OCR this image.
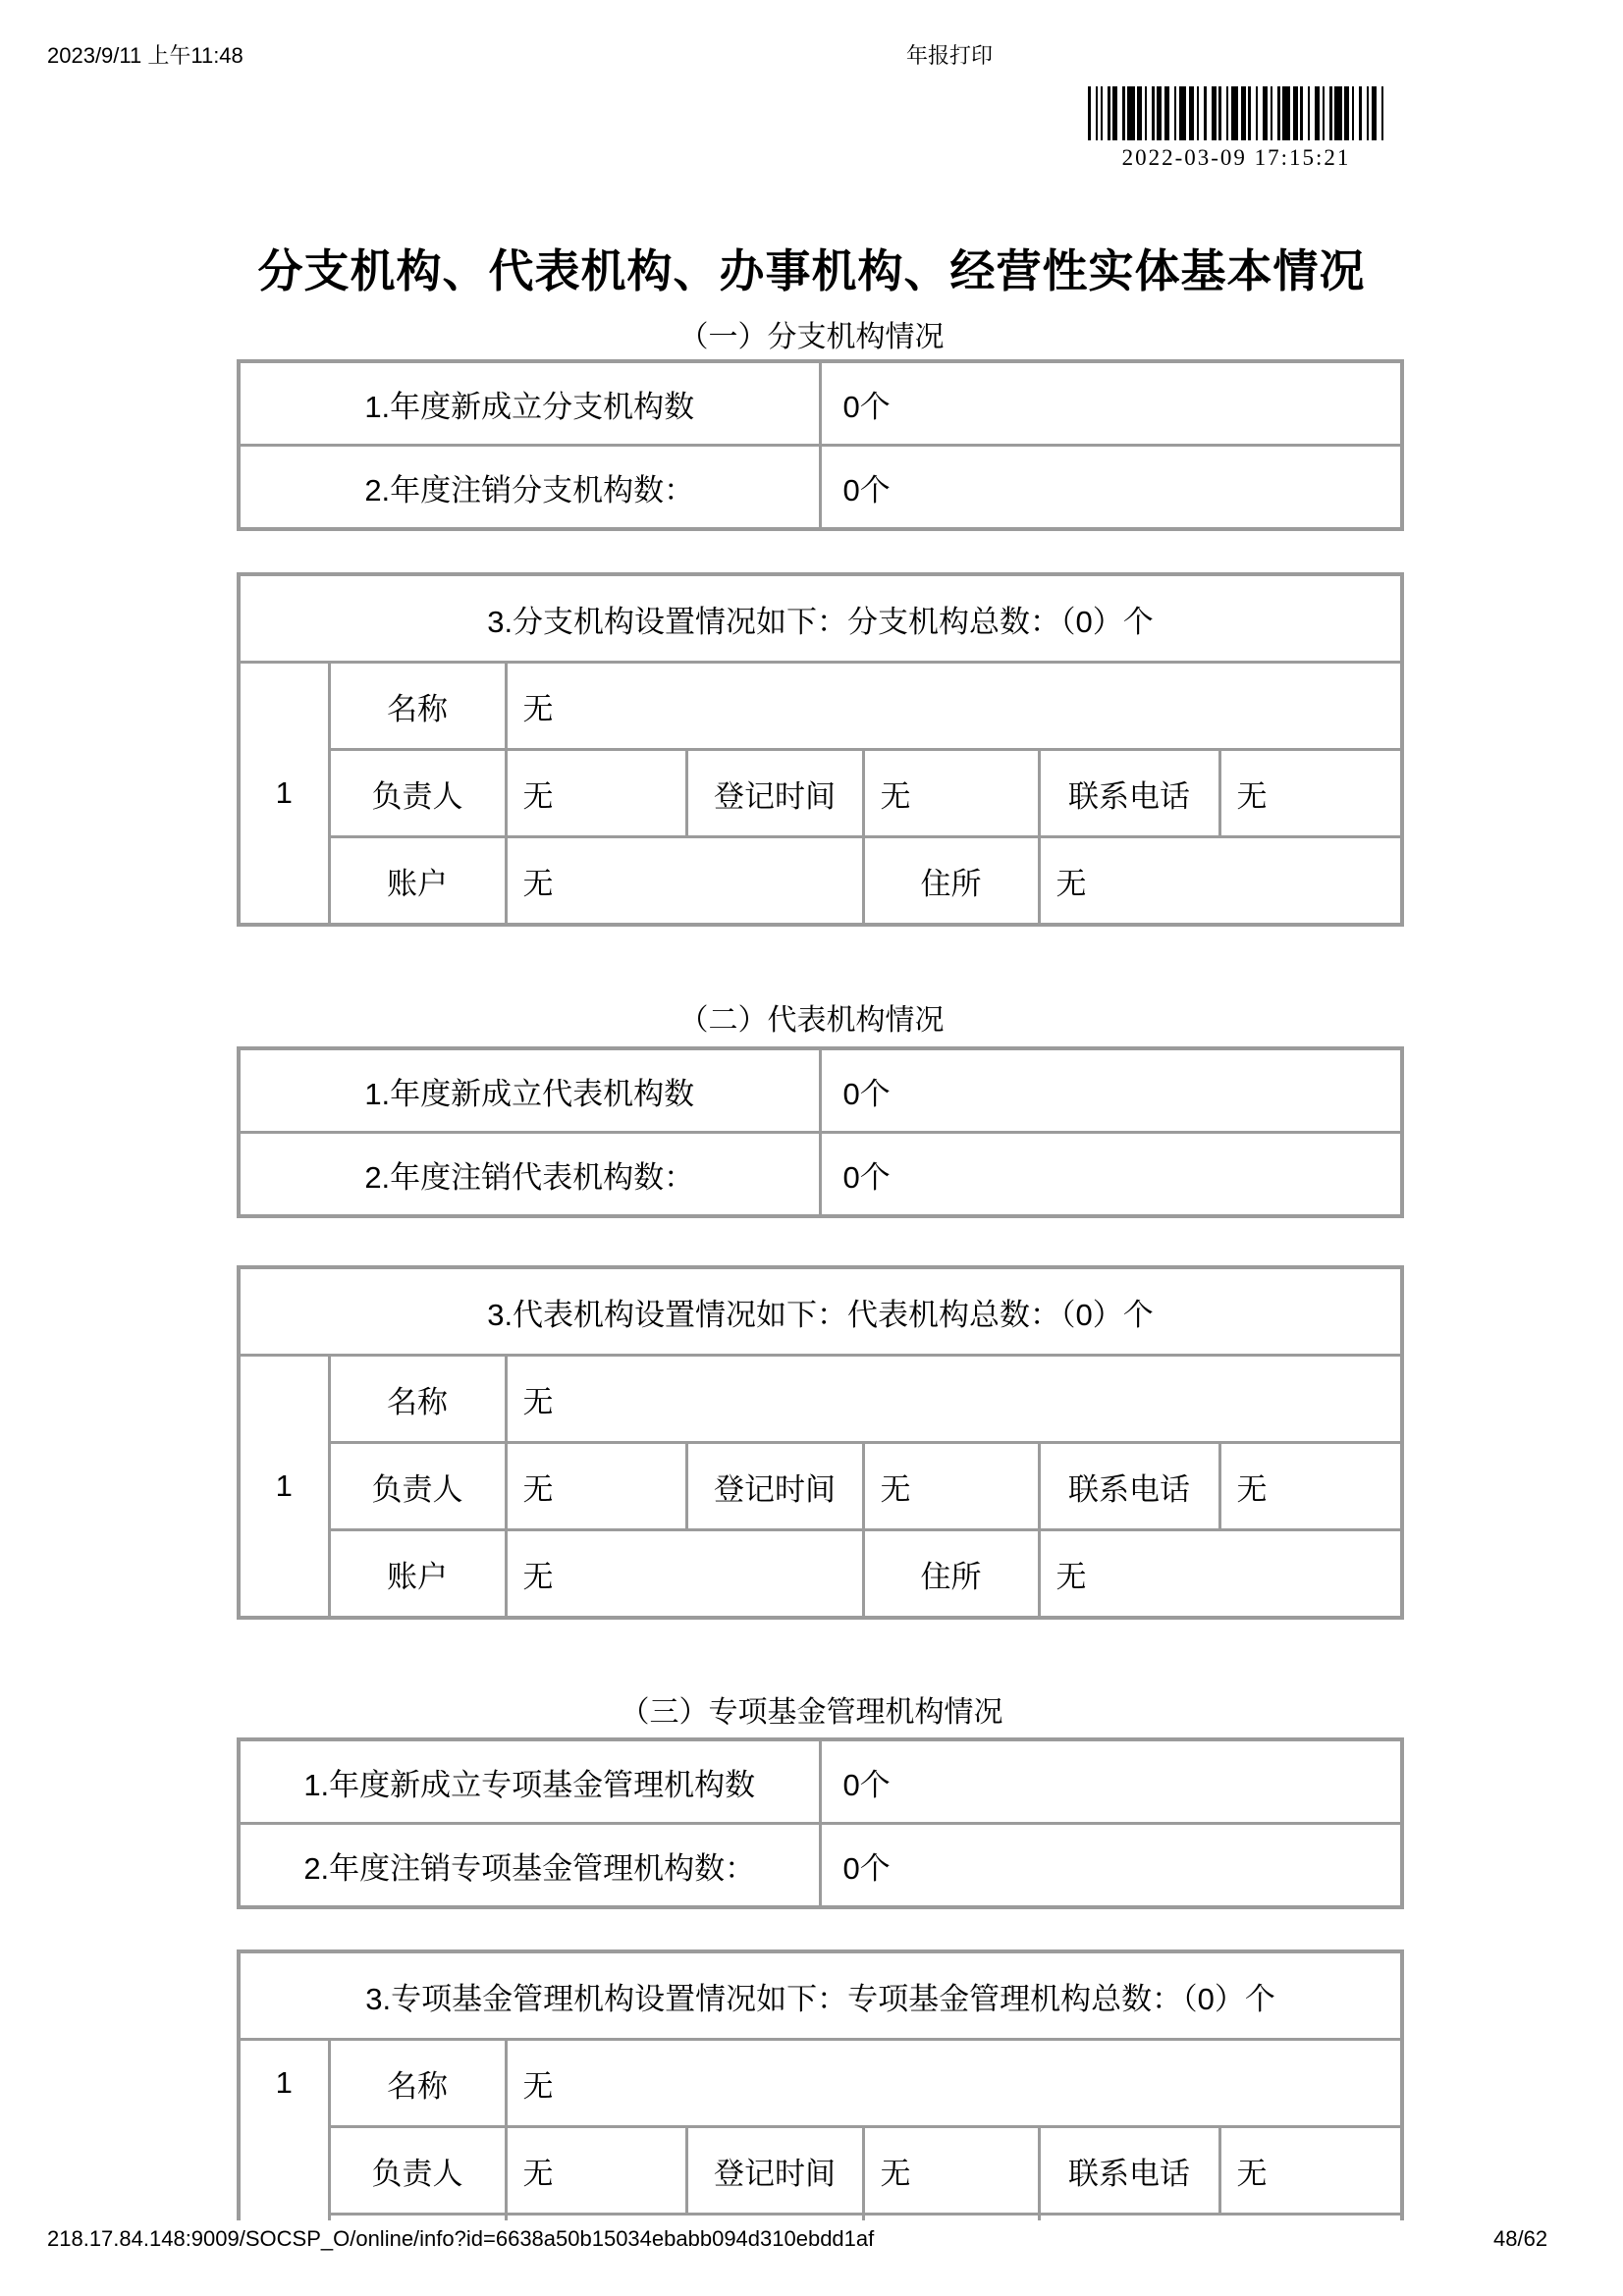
2023/9/11 上午11:48	年报打印
2022-03-09 17:15:21
分支机构、代表机构、办事机构、经营性实体基本情况
（一）分支机构情况
1.年度新成立分支机构数	0个
2.年度注销分支机构数：	0个
3.分支机构设置情况如下：分支机构总数：（0）个						
1	名称	无				
	负责人	无	登记时间	无	联系电话	无
	账户	无		住所	无	
（二）代表机构情况
1.年度新成立代表机构数	0个
2.年度注销代表机构数：	0个
3.代表机构设置情况如下：代表机构总数：（0）个						
1	名称	无				
	负责人	无	登记时间	无	联系电话	无
	账户	无		住所	无	
（三）专项基金管理机构情况
1.年度新成立专项基金管理机构数	0个
2.年度注销专项基金管理机构数：	0个
3.专项基金管理机构设置情况如下：专项基金管理机构总数：（0）个						

1	名称	无				
	负责人	无	登记时间	无	联系电话	无

218.17.84.148:9009/SOCSP_O/online/info?id=6638a50b15034ebabb094d310ebdd1af	48/62
